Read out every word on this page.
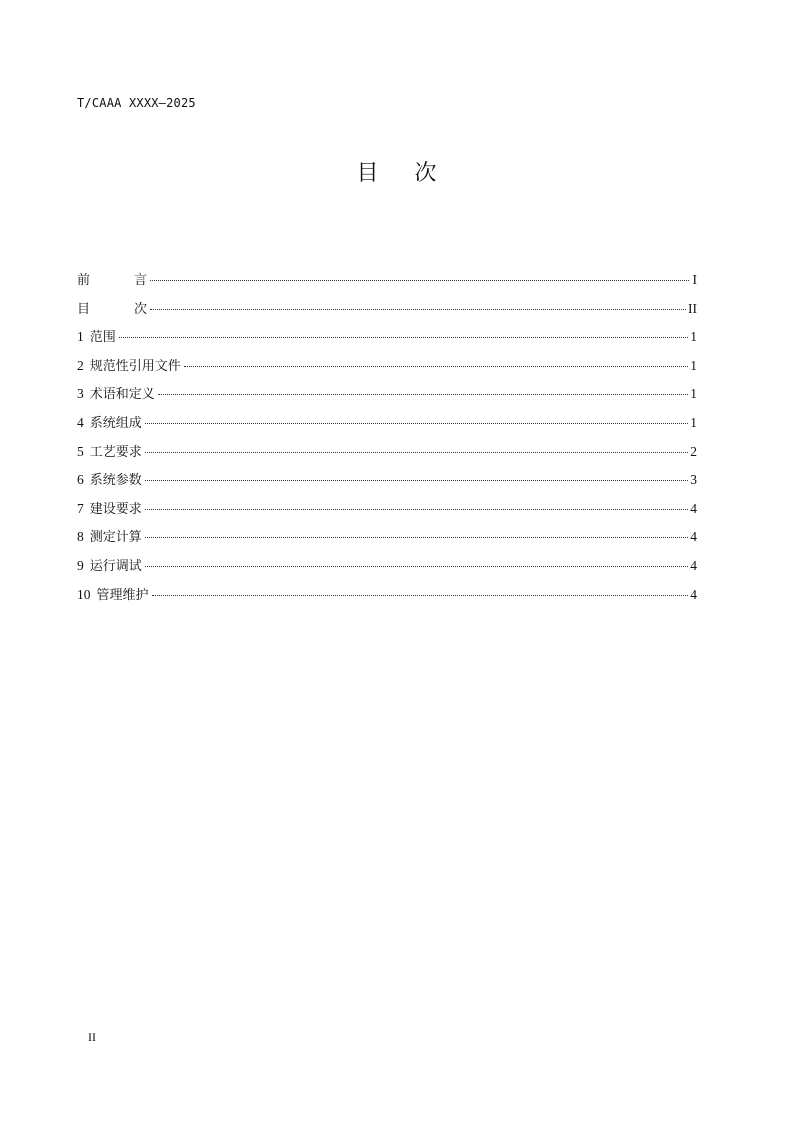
T/CAAA XXXX—2025
目 次
前	言	I
目	次	II
1 范围	1
2 规范性引用文件	1
3 术语和定义	1
4 系统组成	1
5 工艺要求	2
6 系统参数	3
7 建设要求	4
8 测定计算	4
9 运行调试	4
10 管理维护	4
II
